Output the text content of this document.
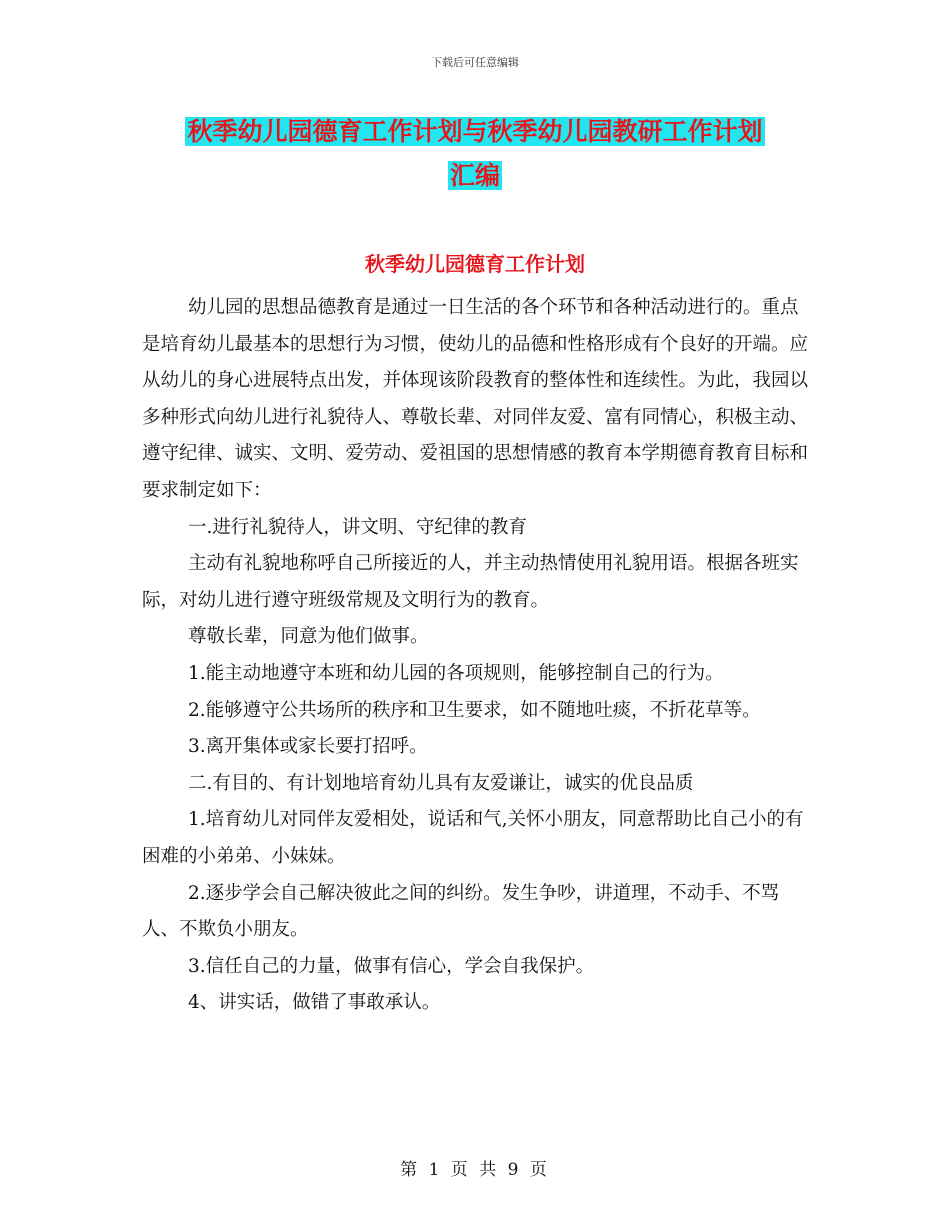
下载后可任意编辑
秋季幼儿园德育工作计划与秋季幼儿园教研工作计划
汇编
秋季幼儿园德育工作计划

幼儿园的思想品德教育是通过一日生活的各个环节和各种活动进行的。重点是培育幼儿最基本的思想行为习惯，使幼儿的品德和性格形成有个良好的开端。应从幼儿的身心进展特点出发，并体现该阶段教育的整体性和连续性。为此，我园以多种形式向幼儿进行礼貌待人、尊敬长辈、对同伴友爱、富有同情心，积极主动、遵守纪律、诚实、文明、爱劳动、爱祖国的思想情感的教育本学期德育教育目标和要求制定如下：

一.进行礼貌待人，讲文明、守纪律的教育

主动有礼貌地称呼自己所接近的人，并主动热情使用礼貌用语。根据各班实际，对幼儿进行遵守班级常规及文明行为的教育。

尊敬长辈，同意为他们做事。

1.能主动地遵守本班和幼儿园的各项规则，能够控制自己的行为。

2.能够遵守公共场所的秩序和卫生要求，如不随地吐痰，不折花草等。

3.离开集体或家长要打招呼。

二.有目的、有计划地培育幼儿具有友爱谦让，诚实的优良品质

1.培育幼儿对同伴友爱相处，说话和气,关怀小朋友，同意帮助比自己小的有困难的小弟弟、小妹妹。

2.逐步学会自己解决彼此之间的纠纷。发生争吵，讲道理，不动手、不骂人、不欺负小朋友。

3.信任自己的力量，做事有信心，学会自我保护。

4、讲实话，做错了事敢承认。

第 1 页 共 9 页
